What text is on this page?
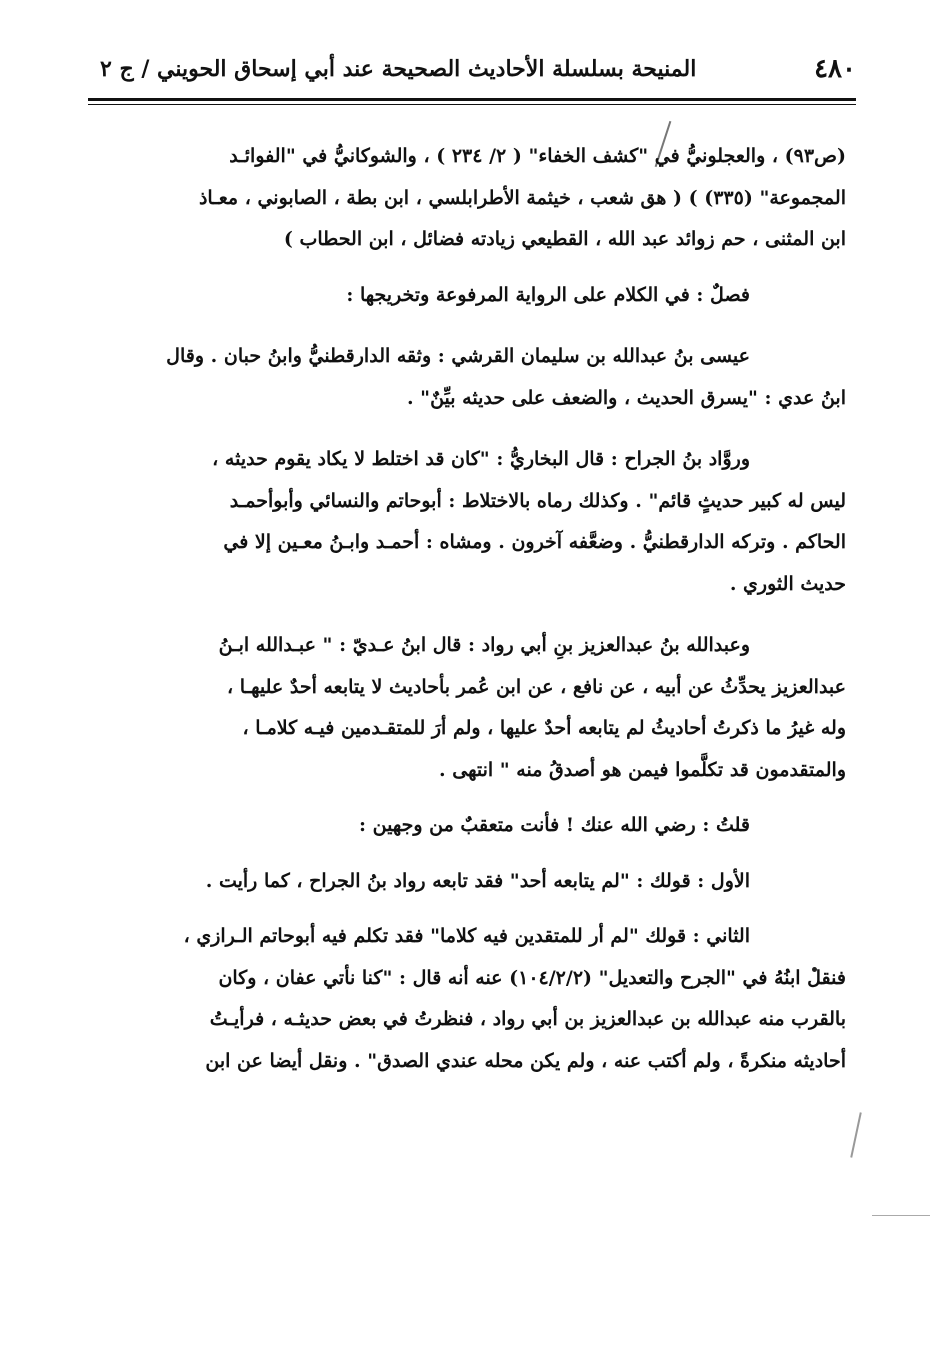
٤٨٠
المنيحة بسلسلة الأحاديث الصحيحة عند أبي إسحاق الحويني / ج ٢
(ص٩٣) ، والعجلونيُّ في "كشف الخفاء" ( ٢/ ٢٣٤ ) ، والشوكانيُّ في "الفوائـد
المجموعة" (٣٣٥) ) ( هق شعب ، خيثمة الأطرابلسي ، ابن بطة ، الصابوني ، معـاذ
ابن المثنى ، حم زوائد عبد الله ، القطيعي زيادته فضائل ، ابن الحطاب )
فصلٌ : في الكلام على الرواية المرفوعة وتخريجها :
عيسى بنُ عبدالله بن سليمان القرشي : وثقه الدارقطنيُّ وابنُ حبان . وقال
ابنُ عدي : "يسرق الحديث ، والضعف على حديثه بيِّنٌ" .
وروَّاد بنُ الجراح : قال البخاريُّ : "كان قد اختلط لا يكاد يقوم حديثه ،
ليس له كبير حديثٍ قائم" . وكذلك رماه بالاختلاط : أبوحاتم والنسائي وأبوأحمـد
الحاكم . وتركه الدارقطنيُّ . وضعَّفه آخرون . ومشاه : أحمـد وابـنُ معـين إلا في
حديث الثوري .
وعبدالله بنُ عبدالعزيز بنِ أبي رواد : قال ابنُ عـديّ : " عبـدالله ابـنُ
عبدالعزيز يحدِّثُ عن أبيه ، عن نافع ، عن ابن عُمر بأحاديث لا يتابعه أحدٌ عليهـا ،
وله غيرُ ما ذكرتُ أحاديثُ لم يتابعه أحدٌ عليها ، ولم أرَ للمتقـدمين فيـه كلامـا ،
والمتقدمون قد تكلَّموا فيمن هو أصدقُ منه " انتهى .
قلتُ : رضي الله عنك ! فأنت متعقبٌ من وجهين :
الأول : قولك : "لم يتابعه أحد" فقد تابعه رواد بنُ الجراح ، كما رأيت .
الثاني : قولك "لم أر للمتقدين فيه كلاما" فقد تكلم فيه أبوحاتم الـرازي ،
فنقل ابنُهُ في "الجرح والتعديل" (١٠٤/٢/٢) عنه أنه قال : "كنا نأتي عفان ، وكان
بالقرب منه عبدالله بن عبدالعزيز بن أبي رواد ، فنظرتُ في بعض حديثـه ، فرأيـتُ
أحاديثه منكرةً ، ولم أكتب عنه ، ولم يكن محله عندي الصدق" . ونقل أيضا عن ابن
